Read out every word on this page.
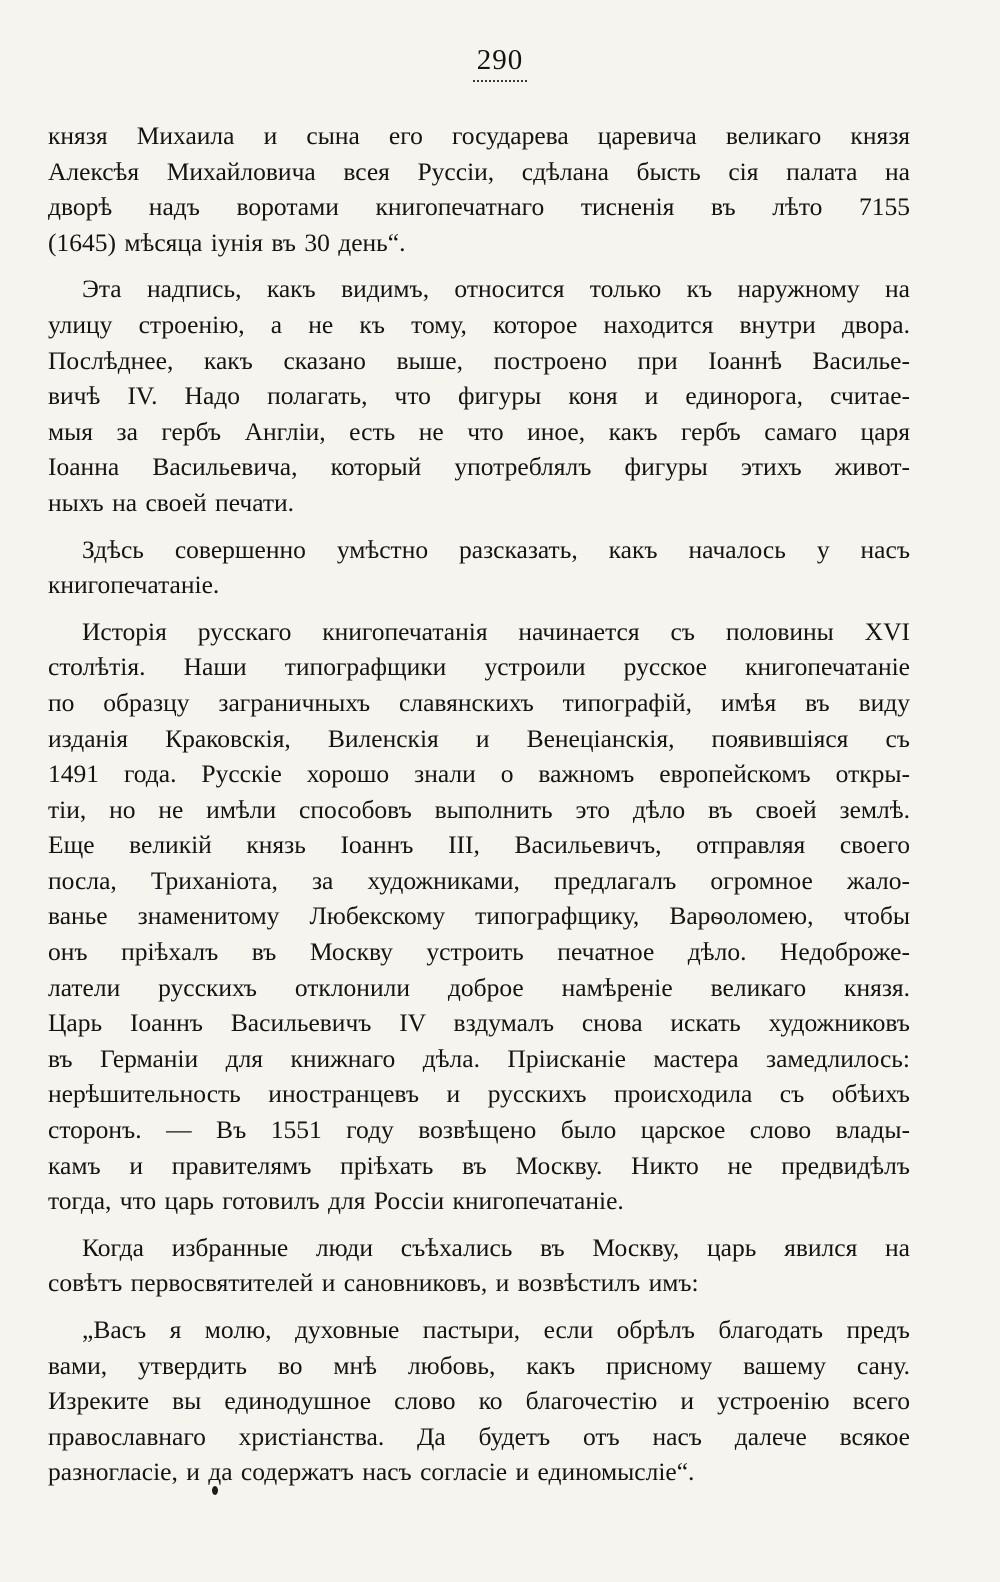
290
князя Михаила и сына его государева царевича великаго князя
Алексѣя Михайловича всея Руссіи, сдѣлана бысть сія палата на
дворѣ надъ воротами книгопечатнаго тисненія въ лѣто 7155
(1645) мѣсяца іунія въ 30 день“.
Эта надпись, какъ видимъ, относится только къ наружному на
улицу строенію, а не къ тому, которое находится внутри двора.
Послѣднее, какъ сказано выше, построено при Іоаннѣ Василье-
вичѣ IV. Надо полагать, что фигуры коня и единорога, считае-
мыя за гербъ Англіи, есть не что иное, какъ гербъ самаго царя
Іоанна Васильевича, который употреблялъ фигуры этихъ живот-
ныхъ на своей печати.
Здѣсь совершенно умѣстно разсказать, какъ началось у насъ
книгопечатаніе.
Исторія русскаго книгопечатанія начинается съ половины XVI
столѣтія. Наши типографщики устроили русское книгопечатаніе
по образцу заграничныхъ славянскихъ типографій, имѣя въ виду
изданія Краковскія, Виленскія и Венеціанскія, появившіяся съ
1491 года. Русскіе хорошо знали о важномъ европейскомъ откры-
тіи, но не имѣли способовъ выполнить это дѣло въ своей землѣ.
Еще великій князь Іоаннъ III, Васильевичъ, отправляя своего
посла, Триханіота, за художниками, предлагалъ огромное жало-
ванье знаменитому Любекскому типографщику, Варѳоломею, чтобы
онъ пріѣхалъ въ Москву устроить печатное дѣло. Недоброже-
латели русскихъ отклонили доброе намѣреніе великаго князя.
Царь Іоаннъ Васильевичъ IV вздумалъ снова искать художниковъ
въ Германіи для книжнаго дѣла. Пріисканіе мастера замедлилось:
нерѣшительность иностранцевъ и русскихъ происходила съ обѣихъ
сторонъ. — Въ 1551 году возвѣщено было царское слово влады-
камъ и правителямъ пріѣхать въ Москву. Никто не предвидѣлъ
тогда, что царь готовилъ для Россіи книгопечатаніе.
Когда избранные люди съѣхались въ Москву, царь явился на
совѣтъ первосвятителей и сановниковъ, и возвѣстилъ имъ:
„Васъ я молю, духовные пастыри, если обрѣлъ благодать предъ
вами, утвердить во мнѣ любовь, какъ присному вашему сану.
Изреките вы единодушное слово ко благочестію и устроенію всего
православнаго христіанства. Да будетъ отъ насъ далече всякое
разногласіе, и да содержатъ насъ согласіе и единомысліе“.
